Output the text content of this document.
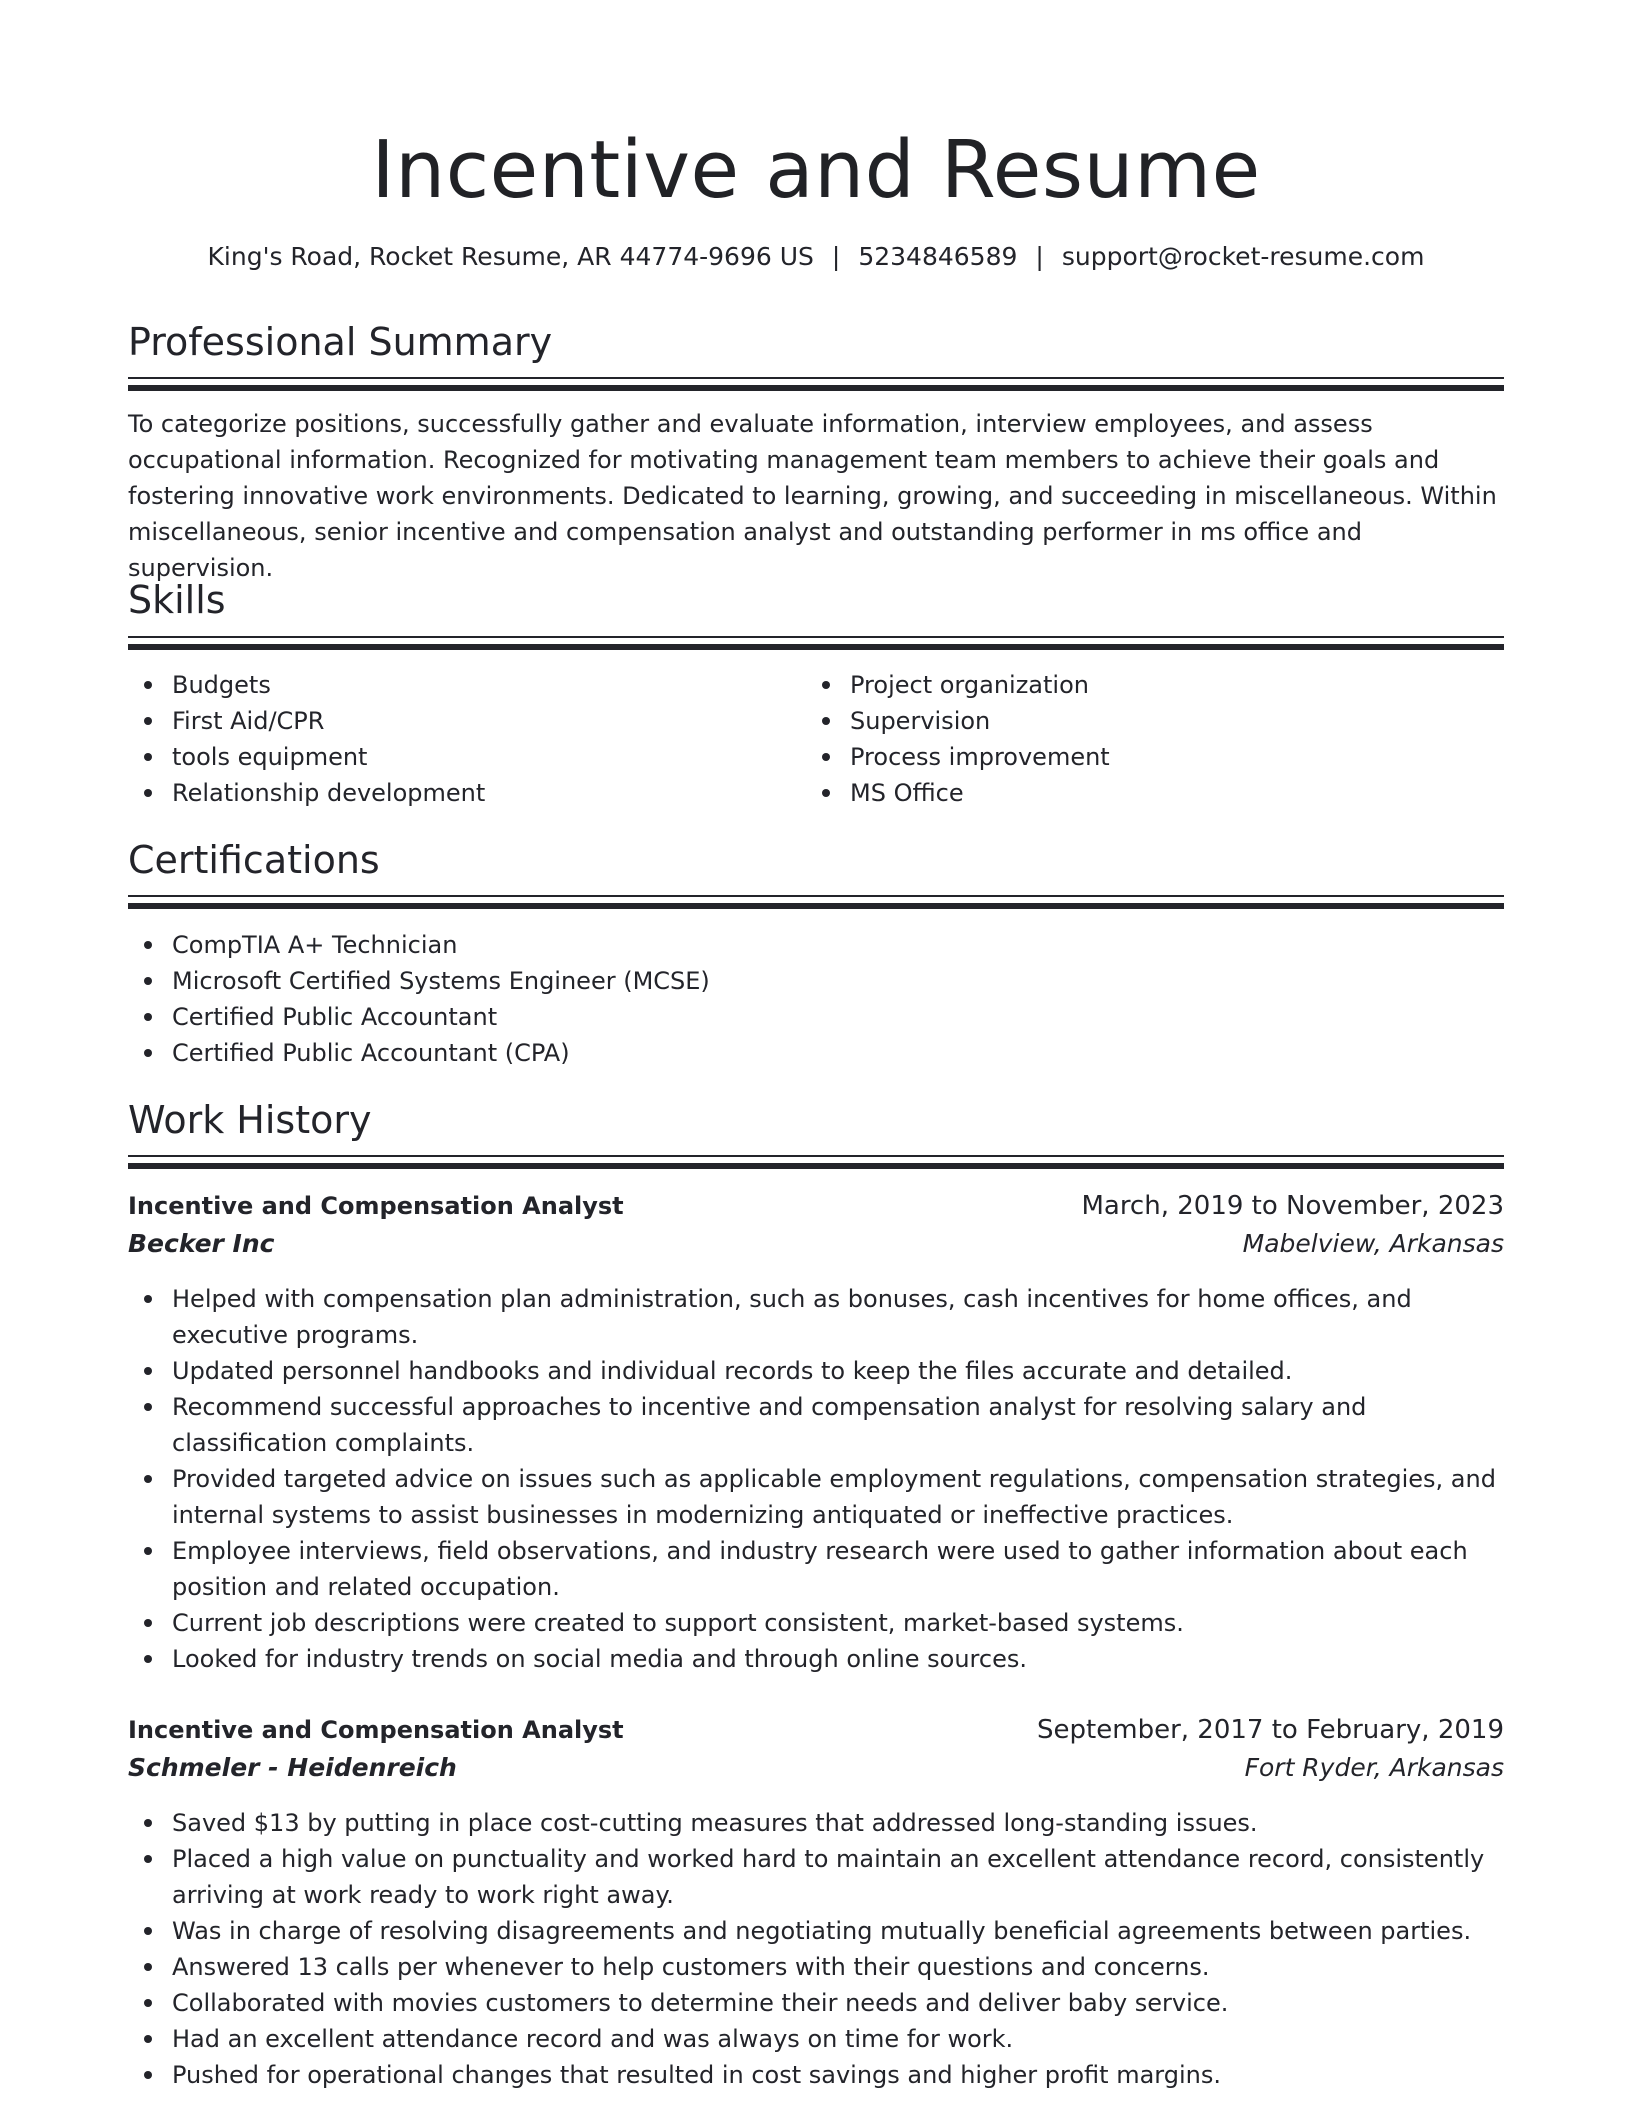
Incentive and Resume
King's Road, Rocket Resume, AR 44774-9696 US | 5234846589 | support@rocket-resume.com
Professional Summary

To categorize positions, successfully gather and evaluate information, interview employees, and assess occupational information. Recognized for motivating management team members to achieve their goals and fostering innovative work environments. Dedicated to learning, growing, and succeeding in miscellaneous. Within miscellaneous, senior incentive and compensation analyst and outstanding performer in ms office and supervision.

Skills
Budgets
First Aid/CPR
tools equipment
Relationship development
Project organization
Supervision
Process improvement
MS Office
Certifications
CompTIA A+ Technician
Microsoft Certified Systems Engineer (MCSE)
Certified Public Accountant
Certified Public Accountant (CPA)
Work History
Incentive and Compensation Analyst	March, 2019 to November, 2023
Becker Inc	Mabelview, Arkansas
Helped with compensation plan administration, such as bonuses, cash incentives for home offices, and executive programs.
Updated personnel handbooks and individual records to keep the files accurate and detailed.
Recommend successful approaches to incentive and compensation analyst for resolving salary and classification complaints.
Provided targeted advice on issues such as applicable employment regulations, compensation strategies, and internal systems to assist businesses in modernizing antiquated or ineffective practices.
Employee interviews, field observations, and industry research were used to gather information about each position and related occupation.
Current job descriptions were created to support consistent, market-based systems.
Looked for industry trends on social media and through online sources.
Incentive and Compensation Analyst	September, 2017 to February, 2019
Schmeler - Heidenreich	Fort Ryder, Arkansas
Saved $13 by putting in place cost-cutting measures that addressed long-standing issues.
Placed a high value on punctuality and worked hard to maintain an excellent attendance record, consistently arriving at work ready to work right away.
Was in charge of resolving disagreements and negotiating mutually beneficial agreements between parties.
Answered 13 calls per whenever to help customers with their questions and concerns.
Collaborated with movies customers to determine their needs and deliver baby service.
Had an excellent attendance record and was always on time for work.
Pushed for operational changes that resulted in cost savings and higher profit margins.
